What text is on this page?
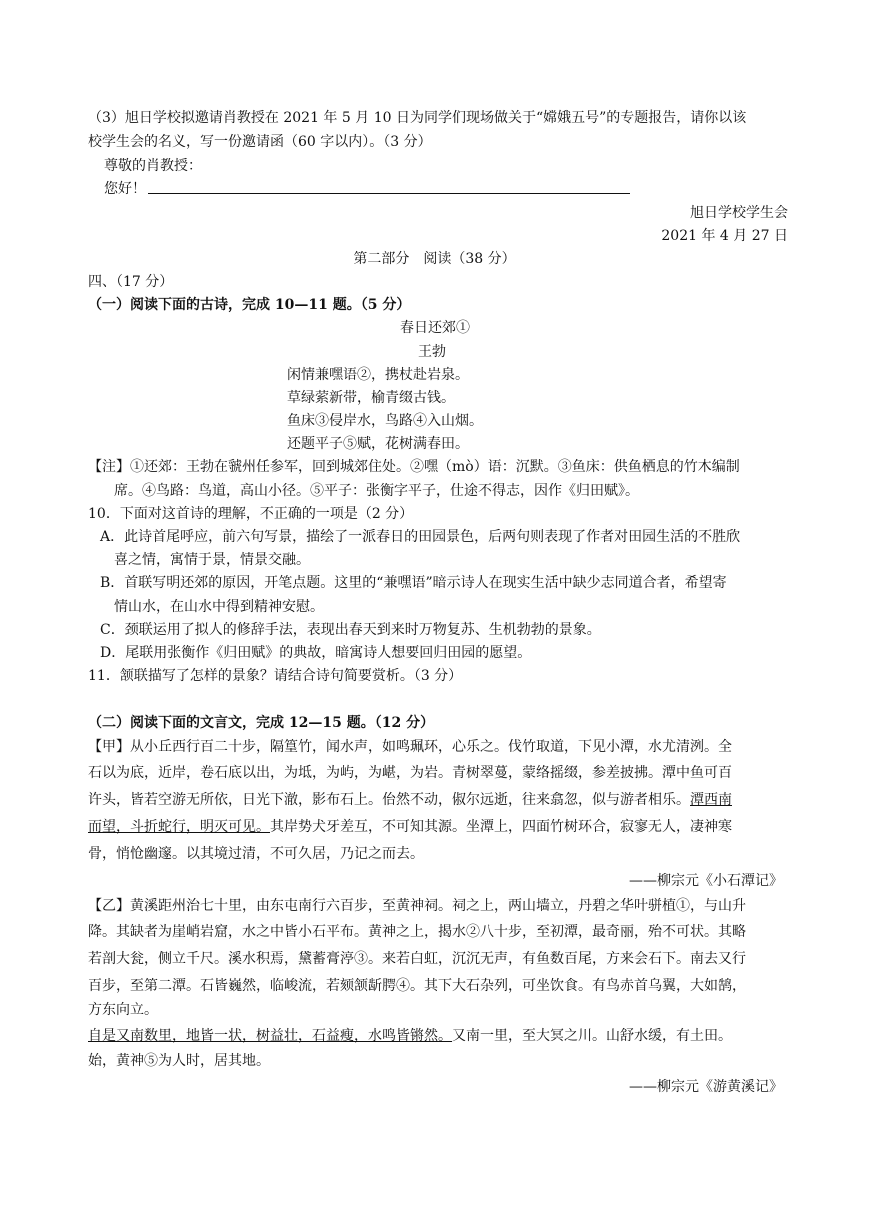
（3）旭日学校拟邀请肖教授在 2021 年 5 月 10 日为同学们现场做关于“嫦娥五号”的专题报告，请你以该
校学生会的名义，写一份邀请函（60 字以内）。（3 分）
尊敬的肖教授：
您好！
旭日学校学生会
2021 年 4 月 27 日
第二部分　阅读（38 分）
四、（17 分）
（一）阅读下面的古诗，完成 10—11 题。（5 分）
春日还郊①
王勃
闲情兼嘿语②，携杖赴岩泉。
草绿萦新带，榆青缀古钱。
鱼床③侵岸水，鸟路④入山烟。
还题平子⑤赋，花树满春田。
【注】①还郊：王勃在虢州任参军，回到城郊住处。②嘿（mò）语：沉默。③鱼床：供鱼栖息的竹木编制
席。④鸟路：鸟道，高山小径。⑤平子：张衡字平子，仕途不得志，因作《归田赋》。
10．下面对这首诗的理解，不正确的一项是（2 分）
A．此诗首尾呼应，前六句写景，描绘了一派春日的田园景色，后两句则表现了作者对田园生活的不胜欣
喜之情，寓情于景，情景交融。
B．首联写明还郊的原因，开笔点题。这里的“兼嘿语”暗示诗人在现实生活中缺少志同道合者，希望寄
情山水，在山水中得到精神安慰。
C．颈联运用了拟人的修辞手法，表现出春天到来时万物复苏、生机勃勃的景象。
D．尾联用张衡作《归田赋》的典故，暗寓诗人想要回归田园的愿望。
11．颔联描写了怎样的景象？请结合诗句简要赏析。（3 分）
（二）阅读下面的文言文，完成 12—15 题。（12 分）
【甲】从小丘西行百二十步，隔篁竹，闻水声，如鸣珮环，心乐之。伐竹取道，下见小潭，水尤清洌。全
石以为底，近岸，卷石底以出，为坻，为屿，为嵁，为岩。青树翠蔓，蒙络摇缀，参差披拂。潭中鱼可百
许头，皆若空游无所依，日光下澈，影布石上。佁然不动，俶尔远逝，往来翕忽，似与游者相乐。潭西南
而望，斗折蛇行，明灭可见。其岸势犬牙差互，不可知其源。坐潭上，四面竹树环合，寂寥无人，凄神寒
骨，悄怆幽邃。以其境过清，不可久居，乃记之而去。
——柳宗元《小石潭记》
【乙】黄溪距州治七十里，由东屯南行六百步，至黄神祠。祠之上，两山墙立，丹碧之华叶骈植①，与山升
降。其缺者为崖峭岩窟，水之中皆小石平布。黄神之上，揭水②八十步，至初潭，最奇丽，殆不可状。其略
若剖大瓮，侧立千尺。溪水积焉，黛蓄膏渟③。来若白虹，沉沉无声，有鱼数百尾，方来会石下。南去又行
百步，至第二潭。石皆巍然，临峻流，若颏颔龂腭④。其下大石杂列，可坐饮食。有鸟赤首乌翼，大如鹄，
方东向立。
自是又南数里，地皆一状，树益壮，石益瘦，水鸣皆锵然。又南一里，至大冥之川。山舒水缓，有土田。
始，黄神⑤为人时，居其地。
——柳宗元《游黄溪记》
